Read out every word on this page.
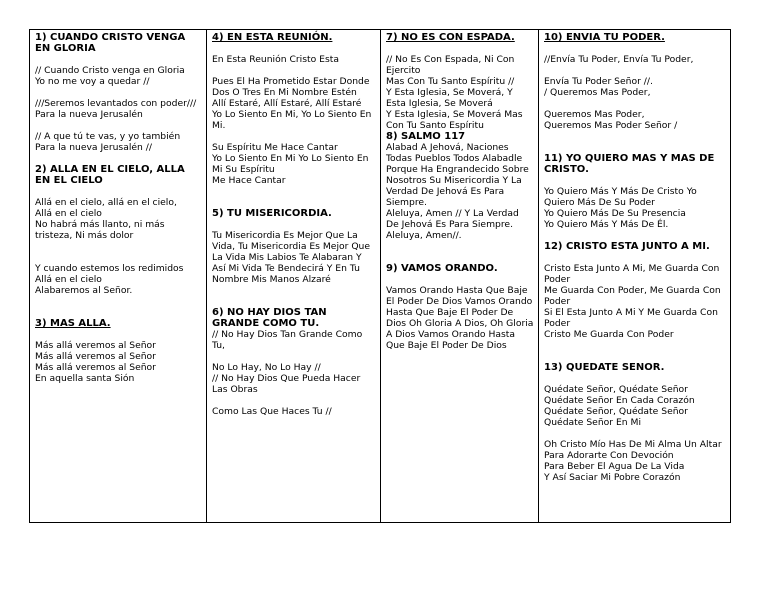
1) CUANDO CRISTO VENGA EN GLORIA

// Cuando Cristo venga en Gloria
Yo no me voy a quedar //

///Seremos levantados con poder///
Para la nueva Jerusalén

// A que tú te vas, y yo también
Para la nueva Jerusalén //

2) ALLA EN EL CIELO, ALLA EN EL CIELO

Allá en el cielo, allá en el cielo,
Allá en el cielo
No habrá más llanto, ni más tristeza, Ni más dolor

Y cuando estemos los redimidos
Allá en el cielo
Alabaremos al Señor.

3) MAS ALLA.

Más allá veremos al Señor
Más allá veremos al Señor
Más allá veremos al Señor
En aquella santa Sión

4) EN ESTA REUNIÓN.

En Esta Reunión Cristo Esta

Pues El Ha Prometido Estar Donde Dos O Tres En Mi Nombre Estén
Allí Estaré, Allí Estaré, Allí Estaré
Yo Lo Siento En Mi, Yo Lo Siento En Mi.

Su Espíritu Me Hace Cantar
Yo Lo Siento En Mi Yo Lo Siento En Mi Su Espíritu
Me Hace Cantar

5) TU MISERICORDIA.

Tu Misericordia Es Mejor Que La Vida, Tu Misericordia Es Mejor Que La Vida Mis Labios Te Alabaran Y Así Mi Vida Te Bendecirá Y En Tu Nombre Mis Manos Alzaré

6) NO HAY DIOS TAN GRANDE COMO TU.

// No Hay Dios Tan Grande Como Tu,

No Lo Hay, No Lo Hay //
// No Hay Dios Que Pueda Hacer Las Obras

Como Las Que Haces Tu //

7) NO ES CON ESPADA.

// No Es Con Espada, Ni Con Ejercito
Mas Con Tu Santo Espíritu //
Y Esta Iglesia, Se Moverá, Y Esta Iglesia, Se Moverá
Y Esta Iglesia, Se Moverá Mas Con Tu Santo Espíritu

8) SALMO 117

Alabad A Jehová, Naciones Todas Pueblos Todos Alabadle Porque Ha Engrandecido Sobre Nosotros Su Misericordia Y La Verdad De Jehová Es Para Siempre.
Aleluya, Amen // Y La Verdad De Jehová Es Para Siempre. Aleluya, Amen//.

9) VAMOS ORANDO.

Vamos Orando Hasta Que Baje El Poder De Dios Vamos Orando Hasta Que Baje El Poder De Dios Oh Gloria A Dios, Oh Gloria A Dios Vamos Orando Hasta Que Baje El Poder De Dios

10) ENVIA TU PODER.

//Envía Tu Poder, Envía Tu Poder,

Envía Tu Poder Señor //.
/ Queremos Mas Poder,

Queremos Mas Poder,
Queremos Mas Poder Señor /

11) YO QUIERO MAS Y MAS DE CRISTO.

Yo Quiero Más Y Más De Cristo Yo Quiero Más De Su Poder
Yo Quiero Más De Su Presencia
Yo Quiero Más Y Más De Él.

12) CRISTO ESTA JUNTO A MI.

Cristo Esta Junto A Mi, Me Guarda Con Poder
Me Guarda Con Poder, Me Guarda Con Poder
Si El Esta Junto A Mi Y Me Guarda Con Poder
Cristo Me Guarda Con Poder

13) QUEDATE SENOR.

Quédate Señor, Quédate Señor
Quédate Señor En Cada Corazón
Quédate Señor, Quédate Señor
Quédate Señor En Mi

Oh Cristo Mío Has De Mi Alma Un Altar
Para Adorarte Con Devoción
Para Beber El Agua De La Vida
Y Así Saciar Mi Pobre Corazón
